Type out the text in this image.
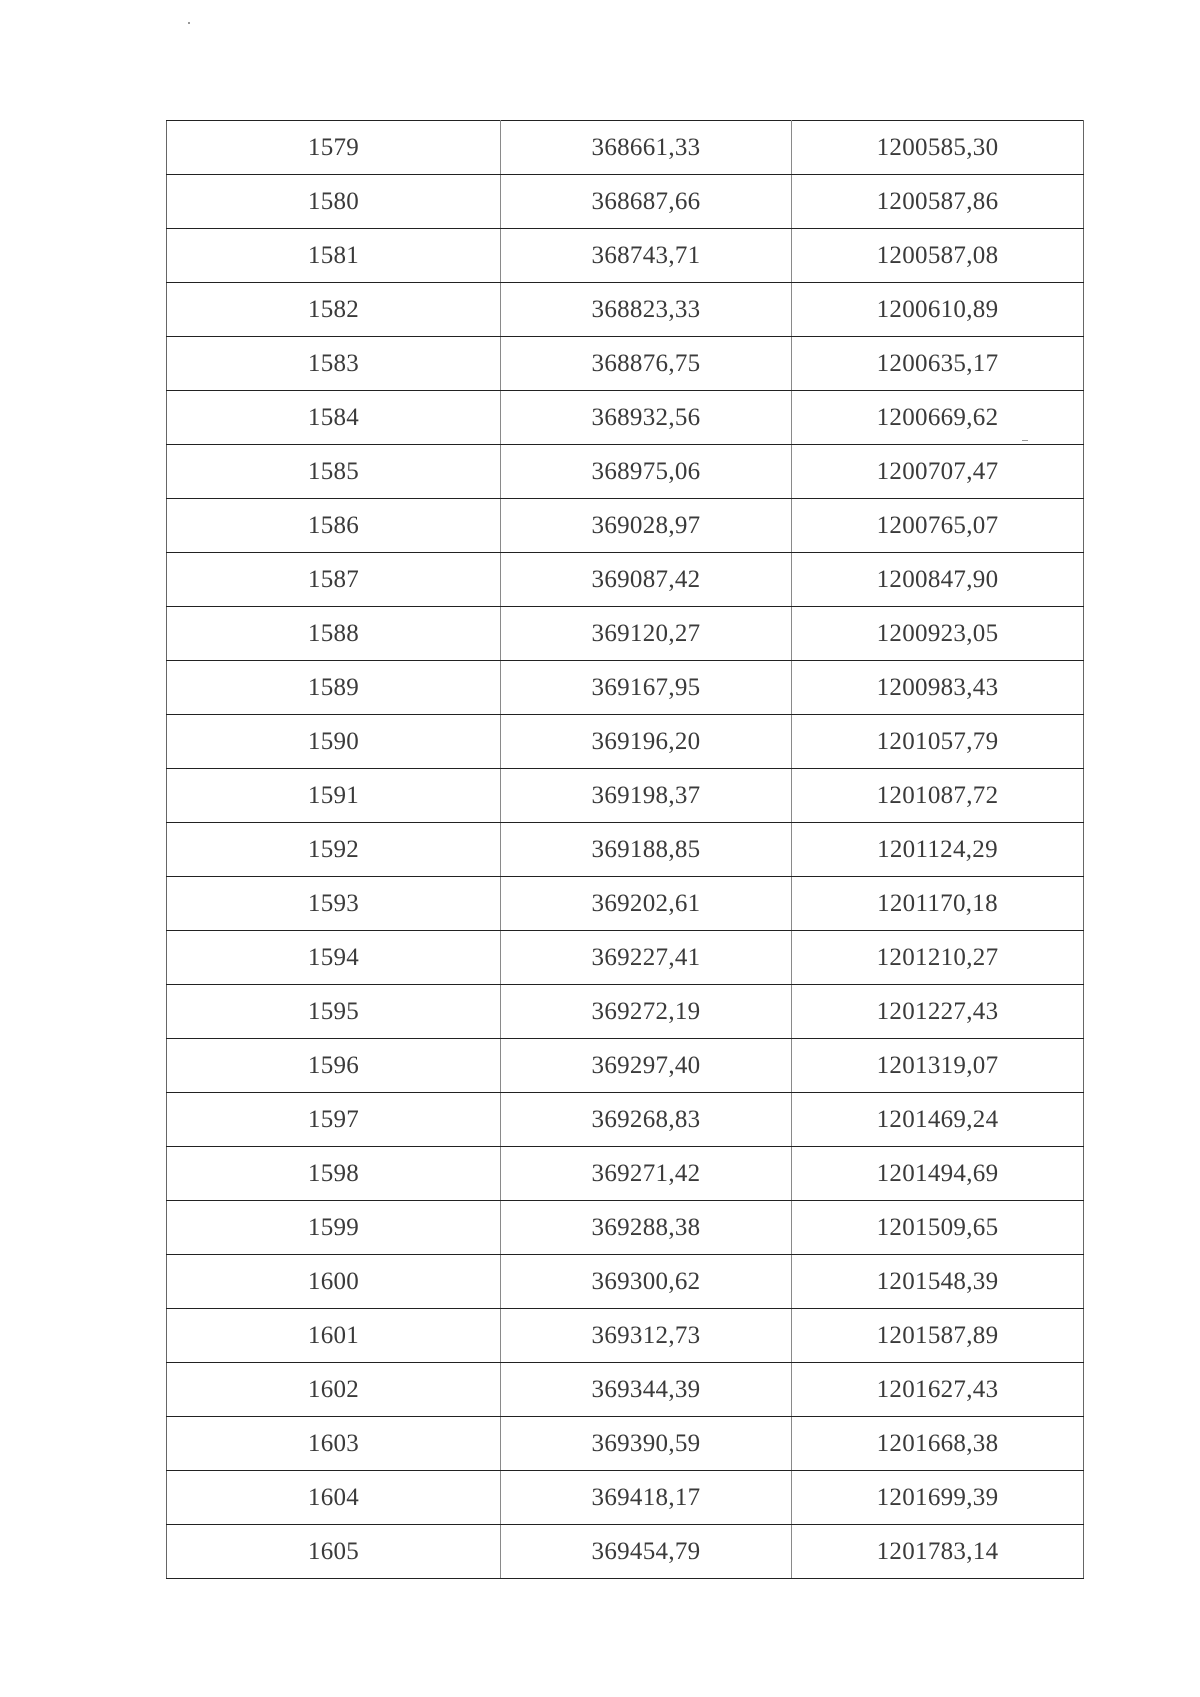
1579	368661,33	1200585,30
1580	368687,66	1200587,86
1581	368743,71	1200587,08
1582	368823,33	1200610,89
1583	368876,75	1200635,17
1584	368932,56	1200669,62
1585	368975,06	1200707,47
1586	369028,97	1200765,07
1587	369087,42	1200847,90
1588	369120,27	1200923,05
1589	369167,95	1200983,43
1590	369196,20	1201057,79
1591	369198,37	1201087,72
1592	369188,85	1201124,29
1593	369202,61	1201170,18
1594	369227,41	1201210,27
1595	369272,19	1201227,43
1596	369297,40	1201319,07
1597	369268,83	1201469,24
1598	369271,42	1201494,69
1599	369288,38	1201509,65
1600	369300,62	1201548,39
1601	369312,73	1201587,89
1602	369344,39	1201627,43
1603	369390,59	1201668,38
1604	369418,17	1201699,39
1605	369454,79	1201783,14
